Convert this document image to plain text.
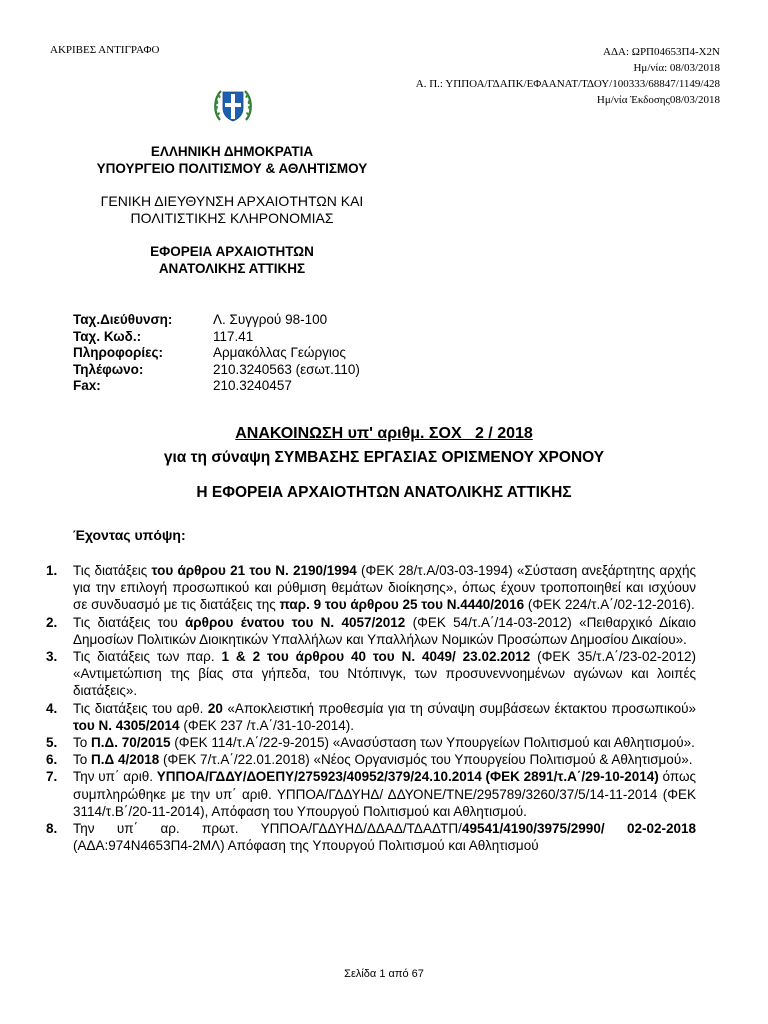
ΑΚΡΙΒΕΣ ΑΝΤΙΓΡΑΦΟ	ΑΔΑ: ΩΡΠ04653Π4-Χ2Ν
Ημ/νία: 08/03/2018
Α. Π.: ΥΠΠΟΑ/ΓΔΑΠΚ/ΕΦΑΑΝΑΤ/ΤΔΟΥ/100333/68847/1149/428
Ημ/νία Έκδοσης08/03/2018
ΕΛΛΗΝΙΚΗ ΔΗΜΟΚΡΑΤΙΑ
ΥΠΟΥΡΓΕΙΟ ΠΟΛΙΤΙΣΜΟΥ & ΑΘΛΗΤΙΣΜΟΥ
ΓΕΝΙΚΗ ΔΙΕΥΘΥΝΣΗ ΑΡΧΑΙΟΤΗΤΩΝ ΚΑΙ
ΠΟΛΙΤΙΣΤΙΚΗΣ ΚΛΗΡΟΝΟΜΙΑΣ
ΕΦΟΡΕΙΑ ΑΡΧΑΙΟΤΗΤΩΝ
ΑΝΑΤΟΛΙΚΗΣ ΑΤΤΙΚΗΣ
Ταχ.Διεύθυνση:	Λ. Συγγρού 98-100
Ταχ. Κωδ.:	117.41
Πληροφορίες:	Αρμακόλλας Γεώργιος
Τηλέφωνο:	210.3240563 (εσωτ.110)
Fax:	210.3240457
ΑΝΑΚΟΙΝΩΣΗ υπ' αριθμ. ΣΟΧ   2 / 2018
για τη σύναψη ΣΥΜΒΑΣΗΣ ΕΡΓΑΣΙΑΣ ΟΡΙΣΜΕΝΟΥ ΧΡΟΝΟΥ
Η ΕΦΟΡΕΙΑ ΑΡΧΑΙΟΤΗΤΩΝ ΑΝΑΤΟΛΙΚΗΣ ΑΤΤΙΚΗΣ
Έχοντας υπόψη:
1.	Τις διατάξεις του άρθρου 21 του Ν. 2190/1994 (ΦΕΚ 28/τ.Α/03-03-1994) «Σύσταση ανεξάρτητης αρχής για την επιλογή προσωπικού και ρύθμιση θεμάτων διοίκησης», όπως έχουν τροποποιηθεί και ισχύουν σε συνδυασμό με τις διατάξεις της παρ. 9 του άρθρου 25 του Ν.4440/2016 (ΦΕΚ 224/τ.Α΄/02-12-2016).
2.	Τις διατάξεις του άρθρου ένατου του Ν. 4057/2012 (ΦΕΚ 54/τ.Α΄/14-03-2012) «Πειθαρχικό Δίκαιο Δημοσίων Πολιτικών Διοικητικών Υπαλλήλων και Υπαλλήλων Νομικών Προσώπων Δημοσίου Δικαίου».
3.	Τις διατάξεις των παρ. 1 & 2 του άρθρου 40 του Ν. 4049/ 23.02.2012 (ΦΕΚ 35/τ.Α΄/23-02-2012) «Αντιμετώπιση της βίας στα γήπεδα, του Ντόπινγκ, των προσυνεννοημένων αγώνων και λοιπές διατάξεις».
4.	Τις διατάξεις του αρθ. 20 «Αποκλειστική προθεσμία για τη σύναψη συμβάσεων έκτακτου προσωπικού» του Ν. 4305/2014 (ΦΕΚ 237 /τ.Α΄/31-10-2014).
5.	Το Π.Δ. 70/2015 (ΦΕΚ 114/τ.Α΄/22-9-2015) «Ανασύσταση των Υπουργείων Πολιτισμού και Αθλητισμού».
6.	Το Π.Δ 4/2018 (ΦΕΚ 7/τ.Α΄/22.01.2018) «Νέος Οργανισμός του Υπουργείου Πολιτισμού & Αθλητισμού».
7.	Την υπ΄ αριθ. ΥΠΠΟΑ/ΓΔΔΥ/ΔΟΕΠΥ/275923/40952/379/24.10.2014 (ΦΕΚ 2891/τ.Α΄/29-10-2014) όπως συμπληρώθηκε με την υπ΄ αριθ. ΥΠΠΟΑ/ΓΔΔΥΗΔ/ ΔΔΥΟΝΕ/ΤΝΕ/295789/3260/37/5/14-11-2014 (ΦΕΚ 3114/τ.Β΄/20-11-2014), Απόφαση του Υπουργού Πολιτισμού και Αθλητισμού.
8.	Την υπ΄ αρ. πρωτ. ΥΠΠΟΑ/ΓΔΔΥΗΔ/ΔΔΑΔ/ΤΔΑΔΤΠ/49541/4190/3975/2990/ 02-02-2018 (ΑΔΑ:974Ν4653Π4-2ΜΛ) Απόφαση της Υπουργού Πολιτισμού και Αθλητισμού
Σελίδα 1 από 67
